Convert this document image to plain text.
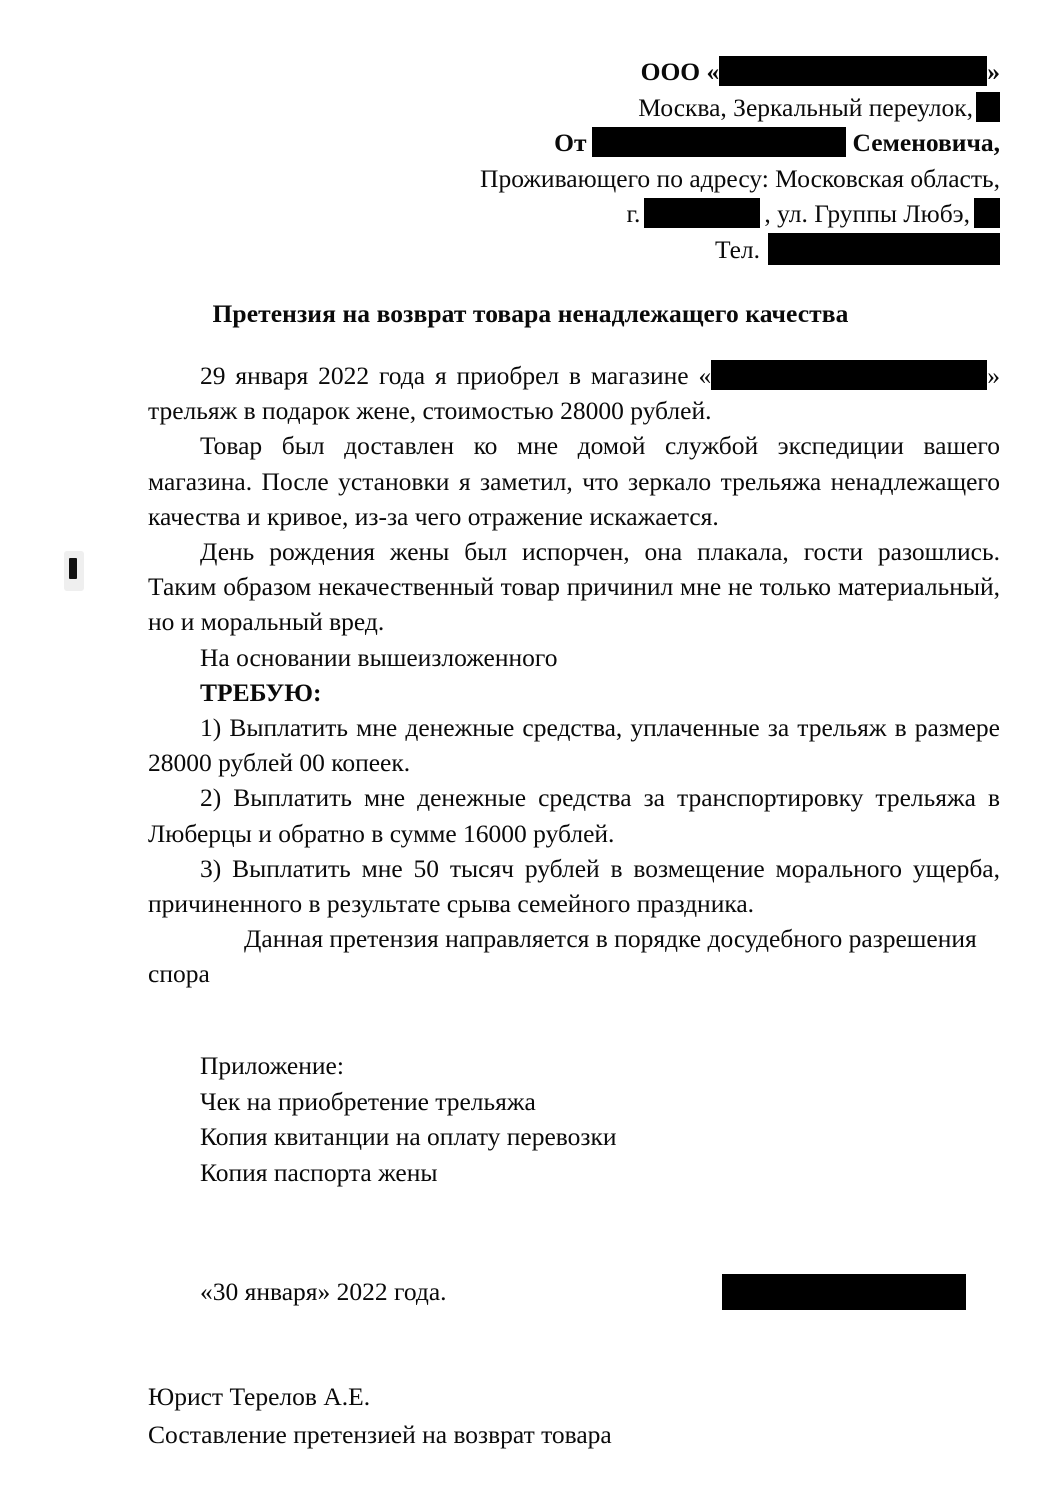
ООО «	»
Москва, Зеркальный переулок,
От	Семеновича,
Проживающего по адресу: Московская область,
г.	, ул. Группы Любэ,
Тел.
Претензия на возврат товара ненадлежащего качества

29 января 2022 года я приобрел в магазине «	» трельяж в подарок жене, стоимостью 28000 рублей.

Товар был доставлен ко мне домой службой экспедиции вашего магазина. После установки я заметил, что зеркало трельяжа ненадлежащего качества и кривое, из-за чего отражение искажается.

День рождения жены был испорчен, она плакала, гости разошлись. Таким образом некачественный товар причинил мне не только материальный, но и моральный вред.

На основании вышеизложенного

ТРЕБУЮ:

1) Выплатить мне денежные средства, уплаченные за трельяж в размере 28000 рублей 00 копеек.

2) Выплатить мне денежные средства за транспортировку трельяжа в Люберцы и обратно в сумме 16000 рублей.

3) Выплатить мне 50 тысяч рублей в возмещение морального ущерба, причиненного в результате срыва семейного праздника.

Данная претензия направляется в порядке досудебного разрешения спора

Приложение:
Чек на приобретение трельяжа
Копия квитанции на оплату перевозки
Копия паспорта жены
«30 января» 2022 года.
Юрист Терелов А.Е.
Составление претензией на возврат товара
